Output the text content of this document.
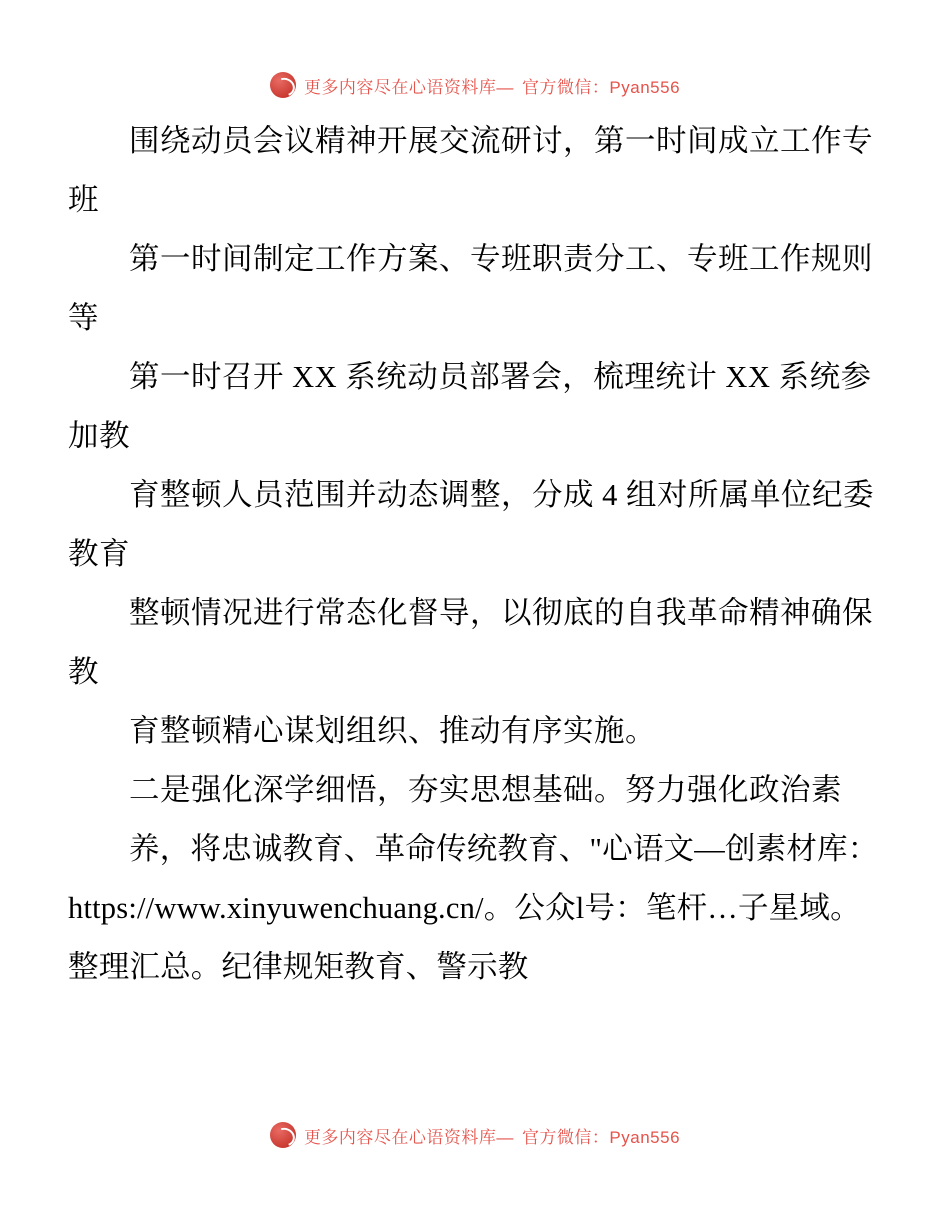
更多内容尽在心语资料库— 官方微信：Pyan556

围绕动员会议精神开展交流研讨，第一时间成立工作专班

第一时间制定工作方案、专班职责分工、专班工作规则等

第一时召开 XX 系统动员部署会，梳理统计 XX 系统参加教

育整顿人员范围并动态调整，分成 4 组对所属单位纪委教育

整顿情况进行常态化督导，以彻底的自我革命精神确保教

育整顿精心谋划组织、推动有序实施。

二是强化深学细悟，夯实思想基础。努力强化政治素

养，将忠诚教育、革命传统教育、"心语文—创素材库：https://www.xinyuwenchuang.cn/。公众l号：笔杆…子星域。整理汇总。纪律规矩教育、警示教

更多内容尽在心语资料库— 官方微信：Pyan556
